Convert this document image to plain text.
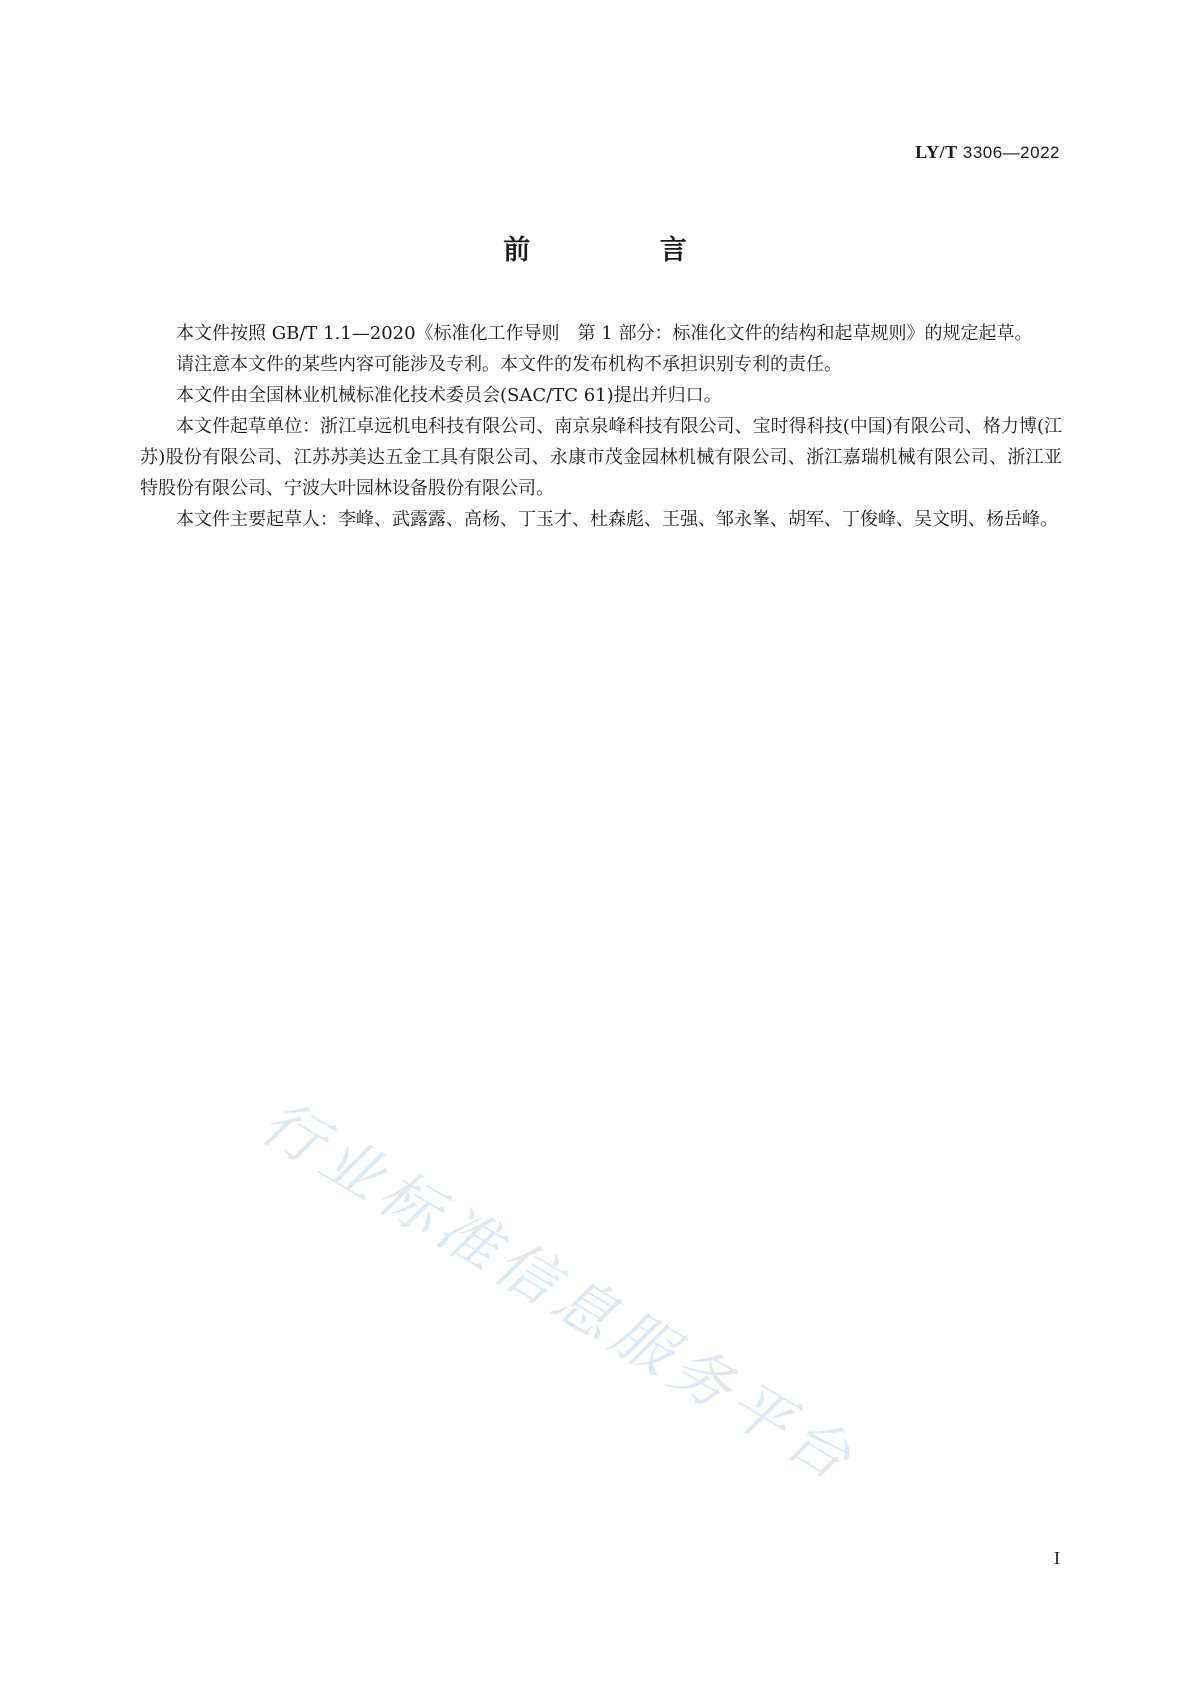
LY/T 3306—2022
前 言

本文件按照 GB/T 1.1—2020《标准化工作导则　第 1 部分：标准化文件的结构和起草规则》的规定起草。

请注意本文件的某些内容可能涉及专利。本文件的发布机构不承担识别专利的责任。

本文件由全国林业机械标准化技术委员会(SAC/TC 61)提出并归口。

本文件起草单位：浙江卓远机电科技有限公司、南京泉峰科技有限公司、宝时得科技(中国)有限公司、格力博(江苏)股份有限公司、江苏苏美达五金工具有限公司、永康市茂金园林机械有限公司、浙江嘉瑞机械有限公司、浙江亚特股份有限公司、宁波大叶园林设备股份有限公司。

本文件主要起草人：李峰、武露露、高杨、丁玉才、杜森彪、王强、邹永峯、胡军、丁俊峰、吴文明、杨岳峰。

行业标准信息服务平台
I
